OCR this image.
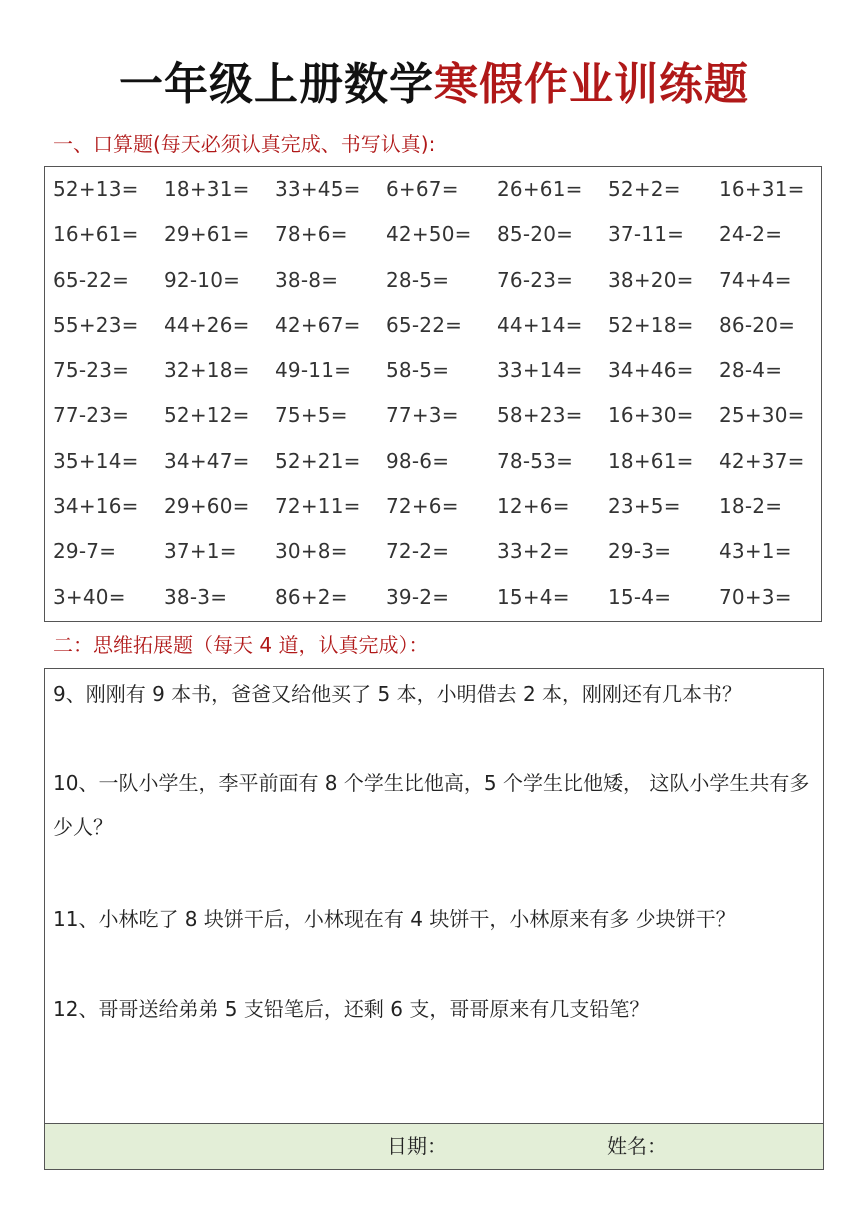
一年级上册数学寒假作业训练题
一、口算题(每天必须认真完成、书写认真):
52+13=	18+31=	33+45=	6+67=	26+61=	52+2=	16+31=
16+61=	29+61=	78+6=	42+50=	85-20=	37-11=	24-2=
65-22=	92-10=	38-8=	28-5=	76-23=	38+20=	74+4=
55+23=	44+26=	42+67=	65-22=	44+14=	52+18=	86-20=
75-23=	32+18=	49-11=	58-5=	33+14=	34+46=	28-4=
77-23=	52+12=	75+5=	77+3=	58+23=	16+30=	25+30=
35+14=	34+47=	52+21=	98-6=	78-53=	18+61=	42+37=
34+16=	29+60=	72+11=	72+6=	12+6=	23+5=	18-2=
29-7=	37+1=	30+8=	72-2=	33+2=	29-3=	43+1=
3+40=	38-3=	86+2=	39-2=	15+4=	15-4=	70+3=
二：思维拓展题（每天 4 道，认真完成）：
9、刚刚有 9 本书，爸爸又给他买了 5 本，小明借去 2 本，刚刚还有几本书？
10、一队小学生，李平前面有 8 个学生比他高，5 个学生比他矮， 这队小学生共有多少人？
11、小林吃了 8 块饼干后，小林现在有 4 块饼干，小林原来有多 少块饼干？
12、哥哥送给弟弟 5 支铅笔后，还剩 6 支，哥哥原来有几支铅笔？
日期：	姓名：
